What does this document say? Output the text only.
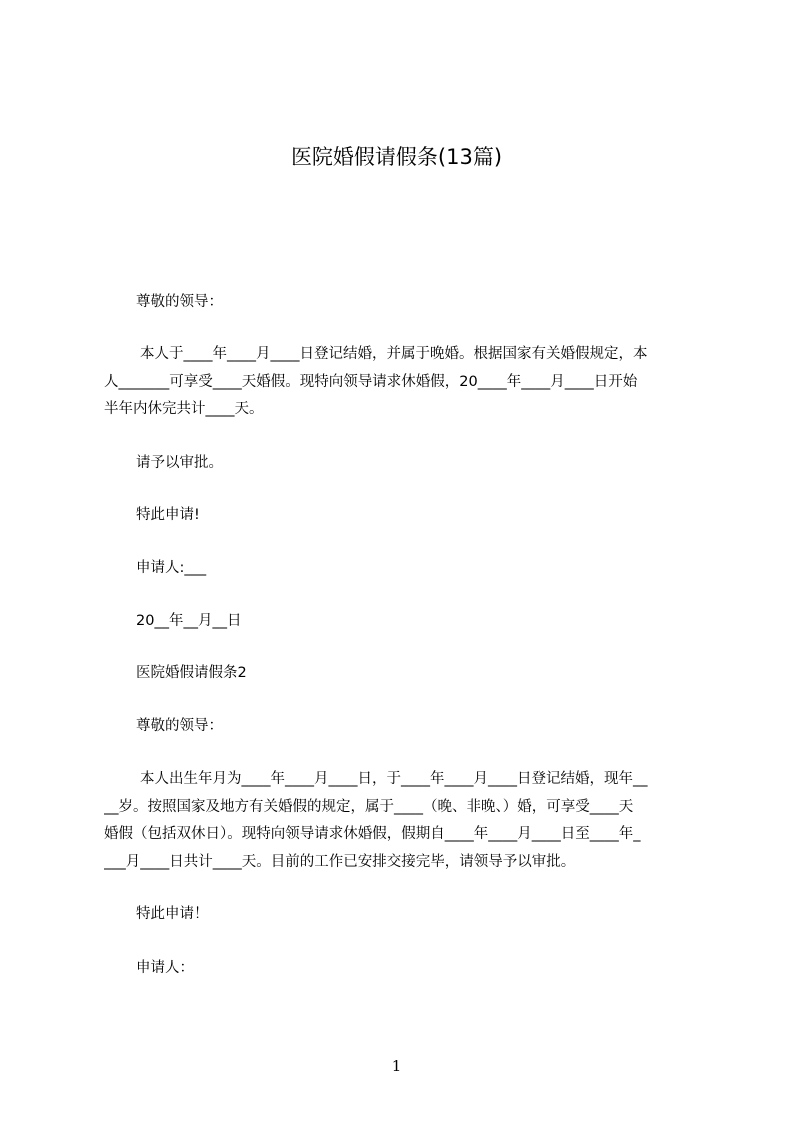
医院婚假请假条(13篇)
尊敬的领导：
本人于____年____月____日登记结婚，并属于晚婚。根据国家有关婚假规定，本
人_______可享受____天婚假。现特向领导请求休婚假，20____年____月____日开始
半年内休完共计____天。
请予以审批。
特此申请!
申请人:___
20__年__月__日
医院婚假请假条2
尊敬的领导：
本人出生年月为____年____月____日，于____年____月____日登记结婚，现年__
__岁。按照国家及地方有关婚假的规定，属于____（晚、非晚、）婚，可享受____天
婚假（包括双休日）。现特向领导请求休婚假，假期自____年____月____日至____年_
___月____日共计____天。目前的工作已安排交接完毕，请领导予以审批。
特此申请！
申请人：
1
